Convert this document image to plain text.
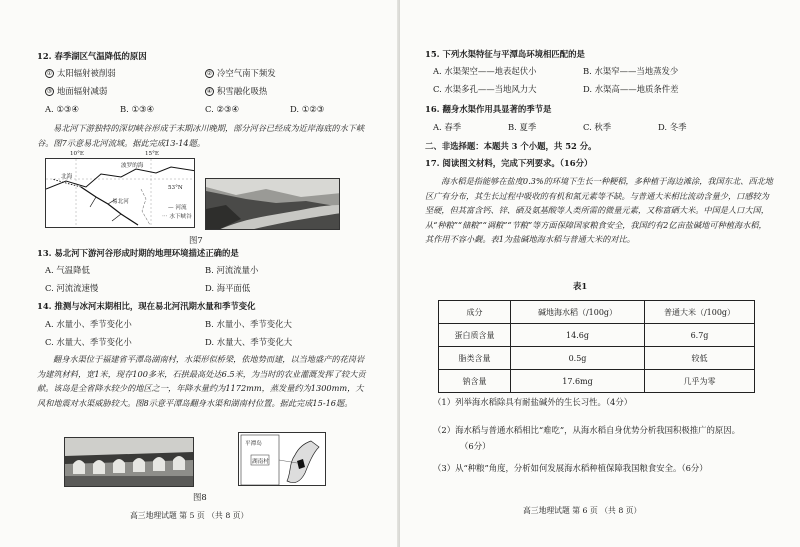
12. 春季湖区气温降低的原因
① 太阳辐射被削弱	② 冷空气南下频发
③ 地面辐射减弱	④ 积雪融化吸热
A. ①③④	B. ①③④	C. ②③④	D. ①②③
易北河下游独特的深切峡谷形成于末期冰川晚期，部分河谷已经成为近岸海底的水下峡谷。图7示意易北河流域。据此完成13-14题。
北海
波罗的海
易北河
— 河流
⋯ 水下峡谷
10°E	15°E
53°N
图7
13. 易北河下游河谷形成时期的地理环境描述正确的是
A. 气温降低	B. 河流流量小
C. 河流流速慢	D. 海平面低
14. 推测与冰河末期相比，现在易北河汛期水量和季节变化
A. 水量小、季节变化小	B. 水量小、季节变化大
C. 水量大、季节变化小	D. 水量大、季节变化大
翻身水渠位于福建省平潭岛湖南村，水渠形似桥梁，依地势而建，以当地盛产的花岗岩为建筑材料，宽1米，现存100多米，石拱最高处达6.5米，为当时的农业灌溉发挥了较大贡献。该岛是全省降水较少的地区之一，年降水量约为1172mm，蒸发量约为1300mm，大风和地震对水渠威胁较大。图8示意平潭岛翻身水渠和湖南村位置。据此完成15-16题。
平潭岛
湖南村
图8
高三地理试题 第 5 页 （共 8 页）
15. 下列水渠特征与平潭岛环境相匹配的是
A. 水渠架空——地表起伏小	B. 水渠窄——当地蒸发少
C. 水渠多孔——当地风力大	D. 水渠高——地质条件差
16. 翻身水渠作用具显著的季节是
A. 春季	B. 夏季	C. 秋季	D. 冬季
二、非选择题：本题共 3 个小题，共 52 分。
17. 阅读图文材料，完成下列要求。（16分）
海水稻是指能够在盐度0.3%的环境下生长一种粳稻，多种植于海边滩涂，我国东北、西北地区广有分布，其生长过程中吸收的有机和氮元素等不缺。与普通大米相比流动含量少，口感较为坚硬，但其富含钙、锌、硒及氨基酸等人类所需的微量元素，又称富硒大米。中国是人口大国，从“种粮”“储粮”“调粮”“节粮”等方面保障国家粮食安全，我国约有2亿亩盐碱地可种植海水稻，其作用不容小觑。表1为盐碱地海水稻与普通大米的对比。
表1
（1）列举海水稻除具有耐盐碱外的生长习性。（4分）
（2）海水稻与普通水稻相比“难吃”，从海水稻自身优势分析我国积极推广的原因。
（6分）
（3）从“种粮”角度，分析如何发展海水稻种植保障我国粮食安全。（6分）
高三地理试题 第 6 页 （共 8 页）
成分	碱地海水稻（/100g）	普通大米（/100g）
蛋白质含量	14.6g	6.7g
脂类含量	0.5g	较低
钠含量	17.6mg	几乎为零
